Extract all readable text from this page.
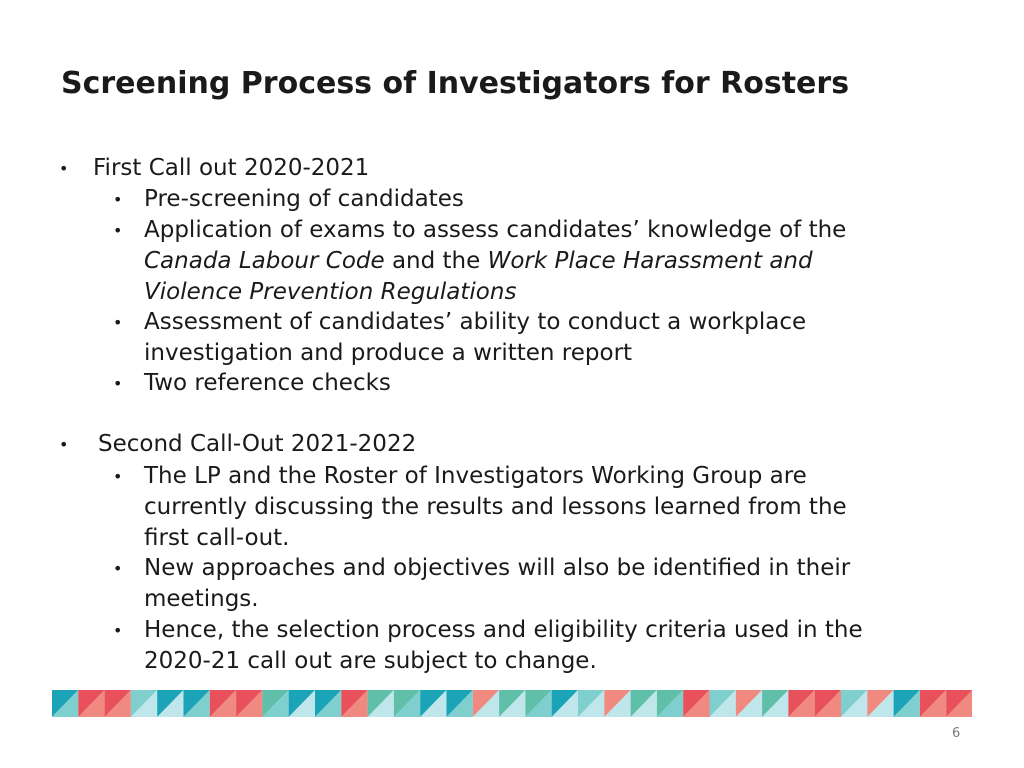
Screening Process of Investigators for Rosters
• First Call out 2020-2021
• Pre-screening of candidates
• Application of exams to assess candidates’ knowledge of the
Canada Labour Code and the Work Place Harassment and
Violence Prevention Regulations
• Assessment of candidates’ ability to conduct a workplace
investigation and produce a written report
• Two reference checks
• Second Call-Out 2021-2022
• The LP and the Roster of Investigators Working Group are
currently discussing the results and lessons learned from the
first call-out.
• New approaches and objectives will also be identified in their
meetings.
• Hence, the selection process and eligibility criteria used in the
2020-21 call out are subject to change.
6
